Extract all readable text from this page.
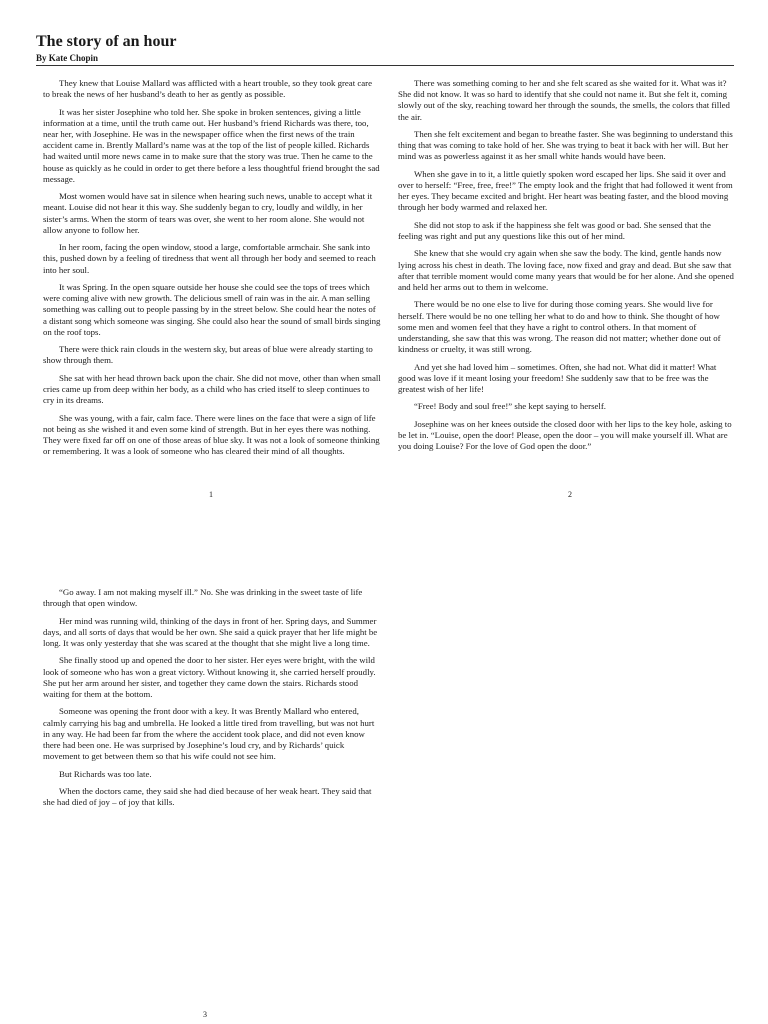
The story of an hour
By Kate Chopin

They knew that Louise Mallard was afflicted with a heart trouble, so they took great care to break the news of her husband’s death to her as gently as possible.

It was her sister Josephine who told her. She spoke in broken sentences, giving a little information at a time, until the truth came out. Her husband’s friend Richards was there, too, near her, with Josephine. He was in the newspaper office when the first news of the train accident came in. Brently Mallard’s name was at the top of the list of people killed. Richards had waited until more news came in to make sure that the story was true. Then he came to the house as quickly as he could in order to get there before a less thoughtful friend brought the sad message.

Most women would have sat in silence when hearing such news, unable to accept what it meant. Louise did not hear it this way. She suddenly began to cry, loudly and wildly, in her sister’s arms. When the storm of tears was over, she went to her room alone. She would not allow anyone to follow her.

In her room, facing the open window, stood a large, comfortable armchair. She sank into this, pushed down by a feeling of tiredness that went all through her body and seemed to reach into her soul.

It was Spring. In the open square outside her house she could see the tops of trees which were coming alive with new growth. The delicious smell of rain was in the air. A man selling something was calling out to people passing by in the street below. She could hear the notes of a distant song which someone was singing. She could also hear the sound of small birds singing on the roof tops.

There were thick rain clouds in the western sky, but areas of blue were already starting to show through them.

She sat with her head thrown back upon the chair. She did not move, other than when small cries came up from deep within her body, as a child who has cried itself to sleep continues to cry in its dreams.

She was young, with a fair, calm face. There were lines on the face that were a sign of life not being as she wished it and even some kind of strength. But in her eyes there was nothing. They were fixed far off on one of those areas of blue sky. It was not a look of someone thinking or remembering. It was a look of someone who has cleared their mind of all thoughts.

1

There was something coming to her and she felt scared as she waited for it. What was it? She did not know. It was so hard to identify that she could not name it. But she felt it, coming slowly out of the sky, reaching toward her through the sounds, the smells, the colors that filled the air.

Then she felt excitement and began to breathe faster. She was beginning to understand this thing that was coming to take hold of her. She was trying to beat it back with her will. But her mind was as powerless against it as her small white hands would have been.

When she gave in to it, a little quietly spoken word escaped her lips. She said it over and over to herself: “Free, free, free!” The empty look and the fright that had followed it went from her eyes. They became excited and bright. Her heart was beating faster, and the blood moving through her body warmed and relaxed her.

She did not stop to ask if the happiness she felt was good or bad. She sensed that the feeling was right and put any questions like this out of her mind.

She knew that she would cry again when she saw the body. The kind, gentle hands now lying across his chest in death. The loving face, now fixed and gray and dead. But she saw that after that terrible moment would come many years that would be for her alone. And she opened and held her arms out to them in welcome.

There would be no one else to live for during those coming years. She would live for herself. There would be no one telling her what to do and how to think. She thought of how some men and women feel that they have a right to control others. In that moment of understanding, she saw that this was wrong. The reason did not matter; whether done out of kindness or cruelty, it was still wrong.

And yet she had loved him – sometimes. Often, she had not. What did it matter! What good was love if it meant losing your freedom! She suddenly saw that to be free was the greatest wish of her life!

“Free! Body and soul free!” she kept saying to herself.

Josephine was on her knees outside the closed door with her lips to the key hole, asking to be let in. “Louise, open the door! Please, open the door – you will make yourself ill. What are you doing Louise? For the love of God open the door.”

2

“Go away. I am not making myself ill.” No. She was drinking in the sweet taste of life through that open window.

Her mind was running wild, thinking of the days in front of her. Spring days, and Summer days, and all sorts of days that would be her own. She said a quick prayer that her life might be long. It was only yesterday that she was scared at the thought that she might live a long time.

She finally stood up and opened the door to her sister. Her eyes were bright, with the wild look of someone who has won a great victory. Without knowing it, she carried herself proudly. She put her arm around her sister, and together they came down the stairs. Richards stood waiting for them at the bottom.

Someone was opening the front door with a key. It was Brently Mallard who entered, calmly carrying his bag and umbrella. He looked a little tired from travelling, but was not hurt in any way. He had been far from the where the accident took place, and did not even know there had been one. He was surprised by Josephine’s loud cry, and by Richards’ quick movement to get between them so that his wife could not see him.

But Richards was too late.

When the doctors came, they said she had died because of her weak heart. They said that she had died of joy – of joy that kills.

3
